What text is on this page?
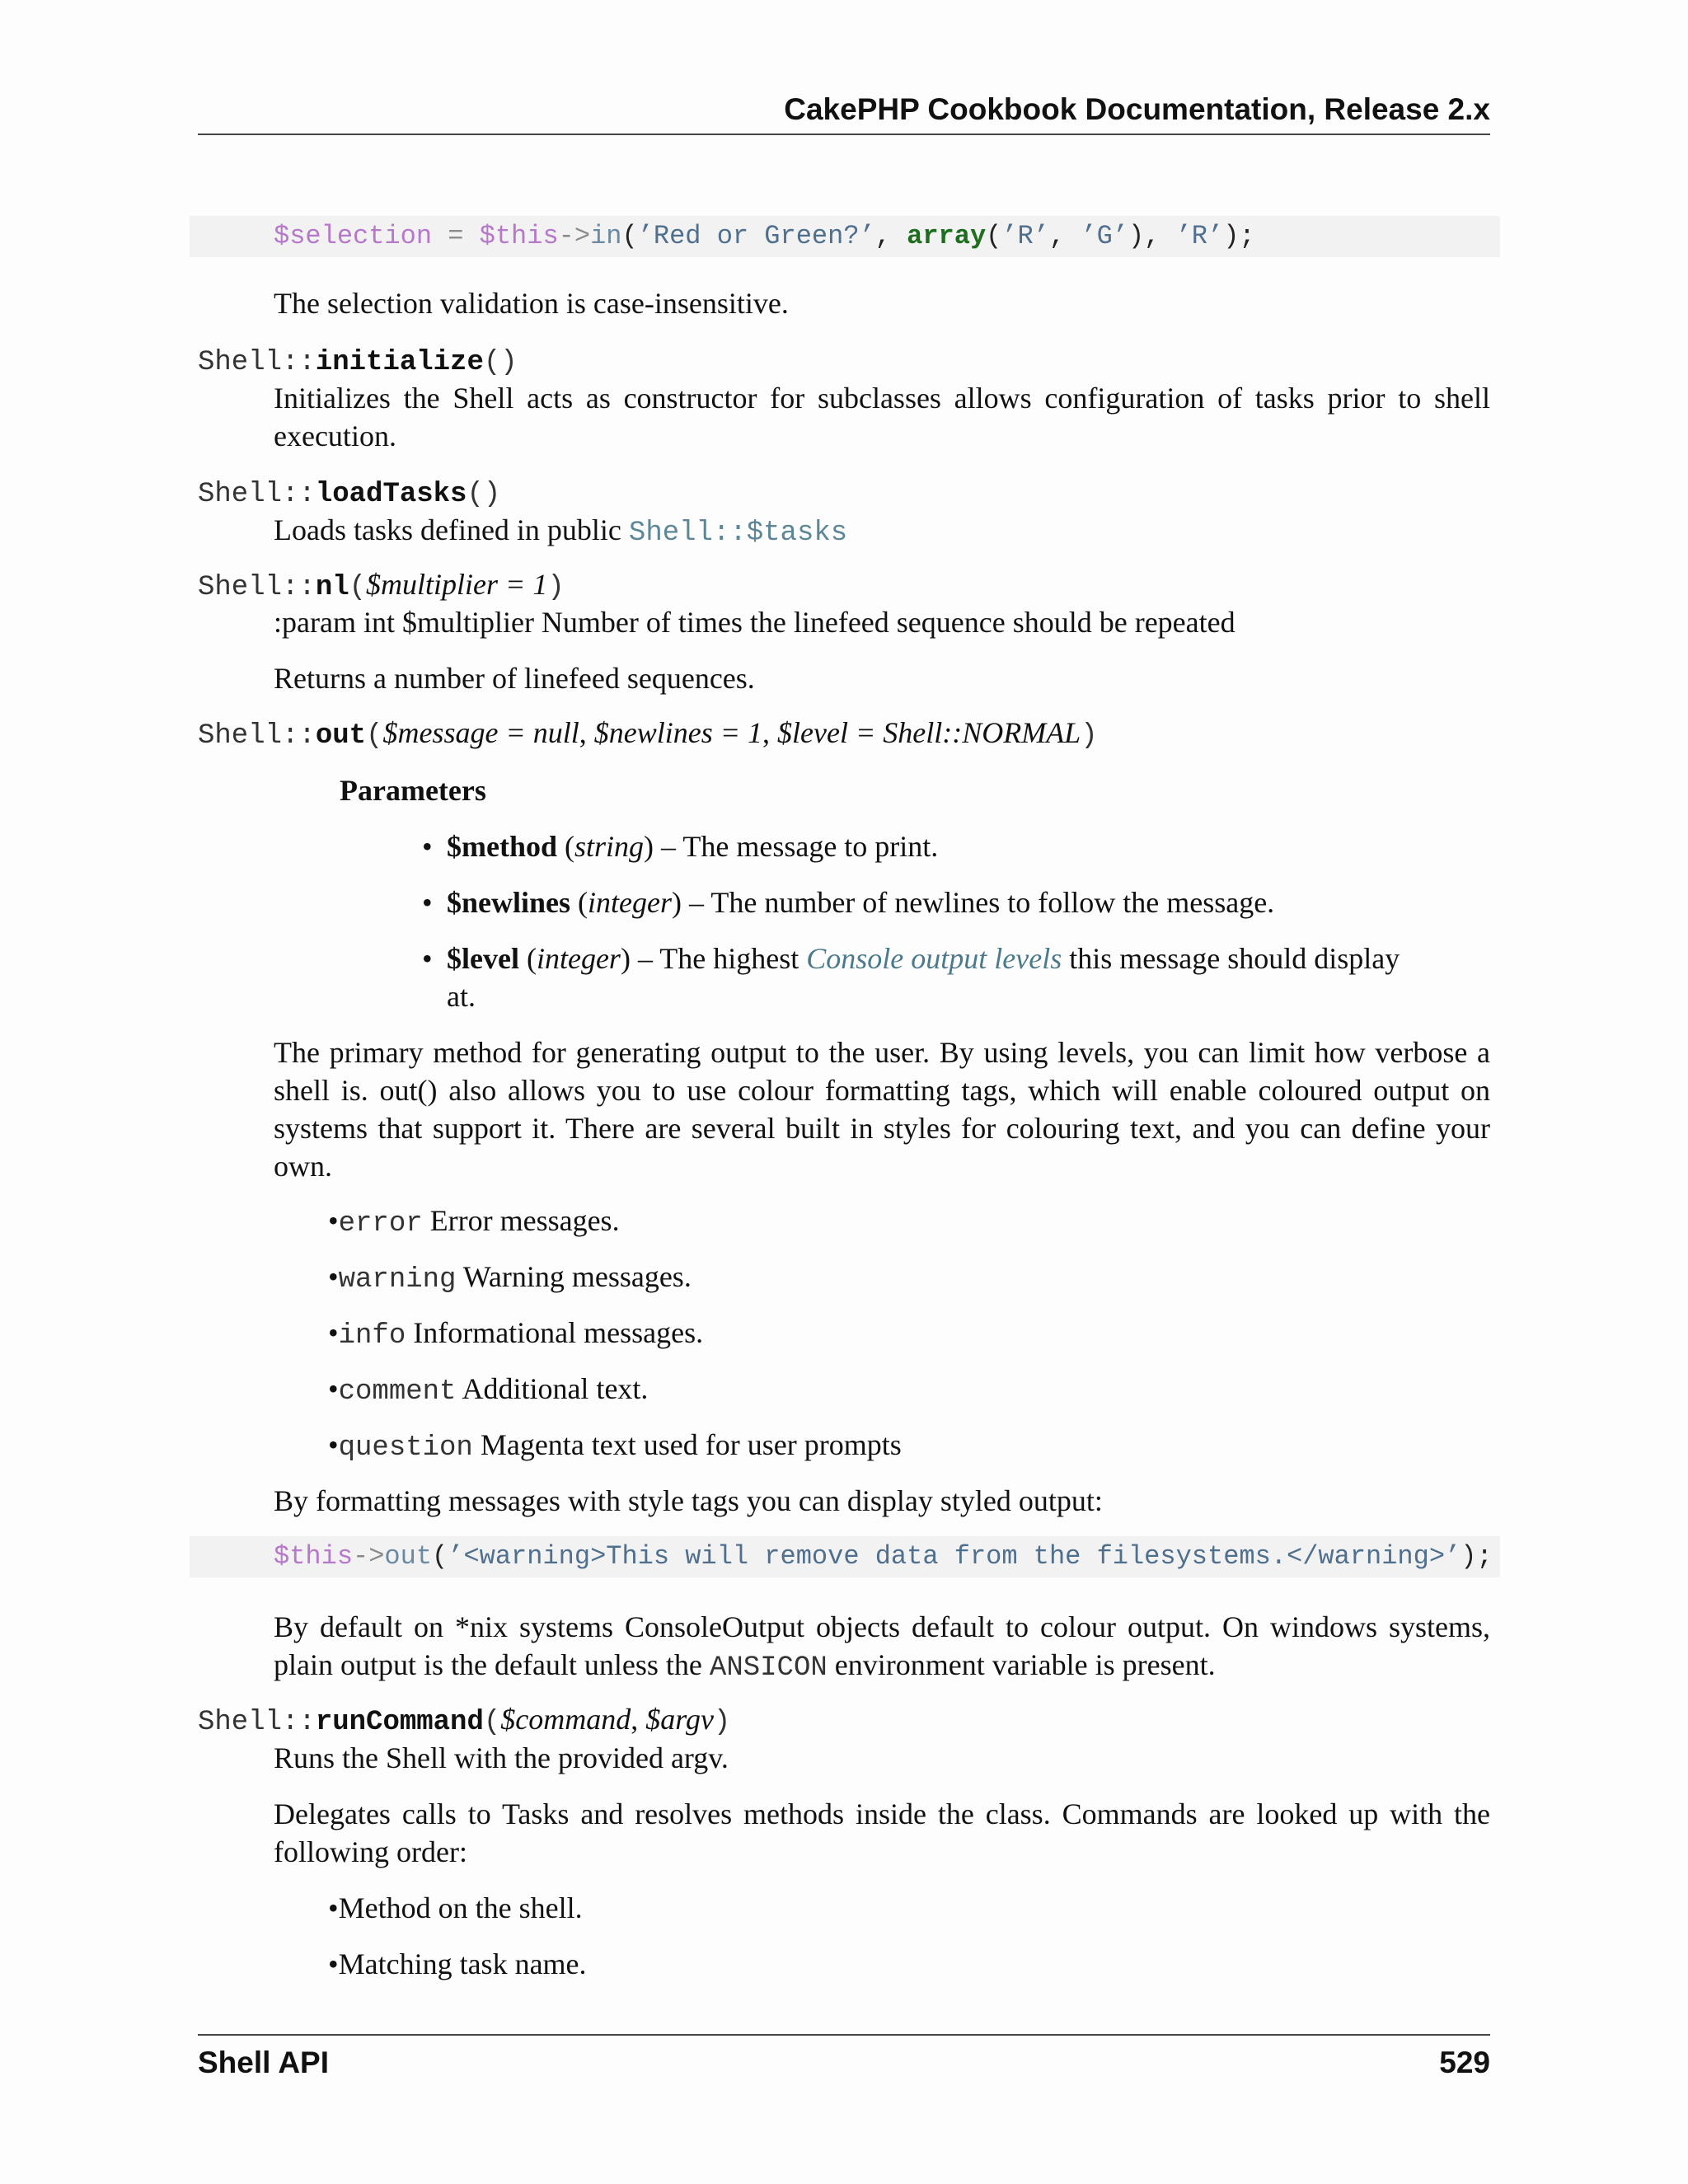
CakePHP Cookbook Documentation, Release 2.x
$selection = $this->in(’Red or Green?’, array(’R’, ’G’), ’R’);
The selection validation is case-insensitive.
Shell::initialize()
Initializes the Shell acts as constructor for subclasses allows configuration of tasks prior to shell execution.
Shell::loadTasks()
Loads tasks defined in public Shell::$tasks
Shell::nl($multiplier = 1)
:param int $multiplier Number of times the linefeed sequence should be repeated
Returns a number of linefeed sequences.
Shell::out($message = null, $newlines = 1, $level = Shell::NORMAL)
Parameters
• $method (string) – The message to print.
• $newlines (integer) – The number of newlines to follow the message.
• $level (integer) – The highest Console output levels this message should display
at.
The primary method for generating output to the user. By using levels, you can limit how verbose a shell is. out() also allows you to use colour formatting tags, which will enable coloured output on systems that support it. There are several built in styles for colouring text, and you can define your own.
•error Error messages.
•warning Warning messages.
•info Informational messages.
•comment Additional text.
•question Magenta text used for user prompts
By formatting messages with style tags you can display styled output:
$this->out(’<warning>This will remove data from the filesystems.</warning>’);
By default on *nix systems ConsoleOutput objects default to colour output. On windows systems,
plain output is the default unless the ANSICON environment variable is present.
Shell::runCommand($command, $argv)
Runs the Shell with the provided argv.
Delegates calls to Tasks and resolves methods inside the class. Commands are looked up with the following order:
•Method on the shell.
•Matching task name.
Shell API	529
